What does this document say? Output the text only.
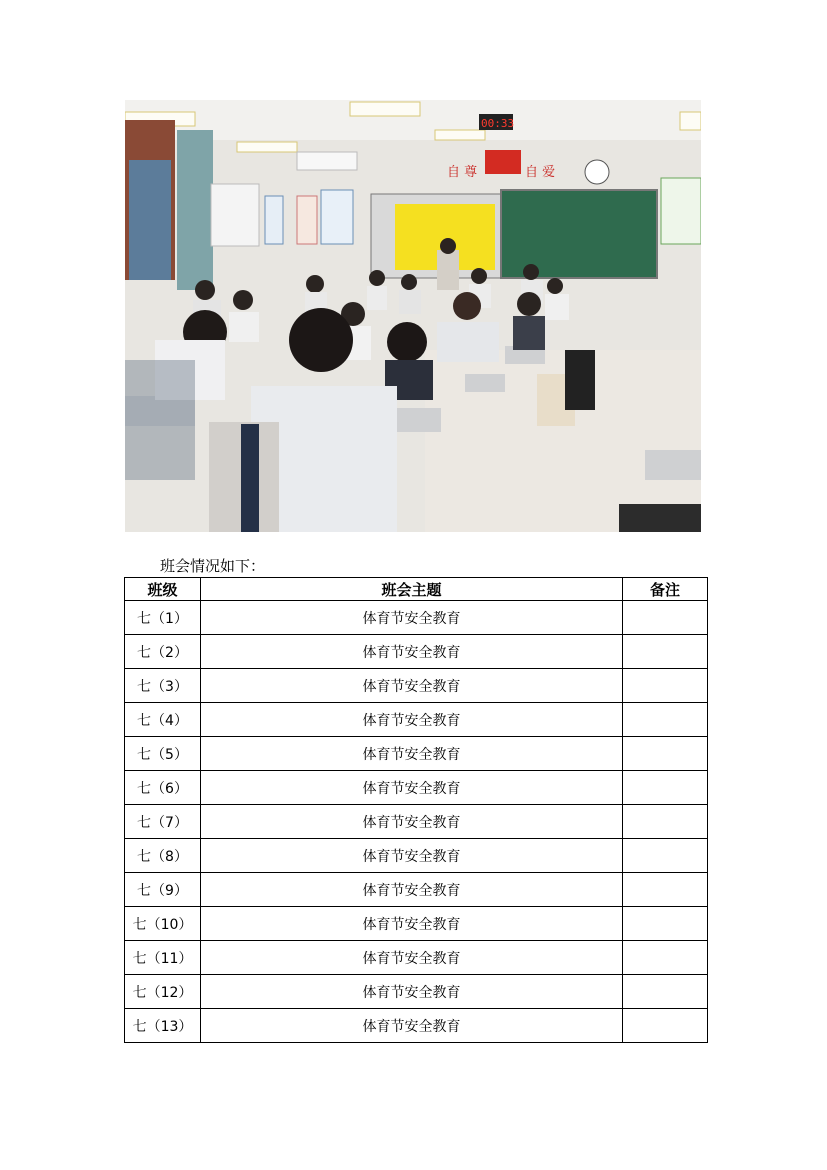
自 尊	自 爱
00:33
班会情况如下：
班级	班会主题	备注
七（1）	体育节安全教育	
七（2）	体育节安全教育	
七（3）	体育节安全教育	
七（4）	体育节安全教育	
七（5）	体育节安全教育	
七（6）	体育节安全教育	
七（7）	体育节安全教育	
七（8）	体育节安全教育	
七（9）	体育节安全教育	
七（10）	体育节安全教育	
七（11）	体育节安全教育	
七（12）	体育节安全教育	
七（13）	体育节安全教育	
